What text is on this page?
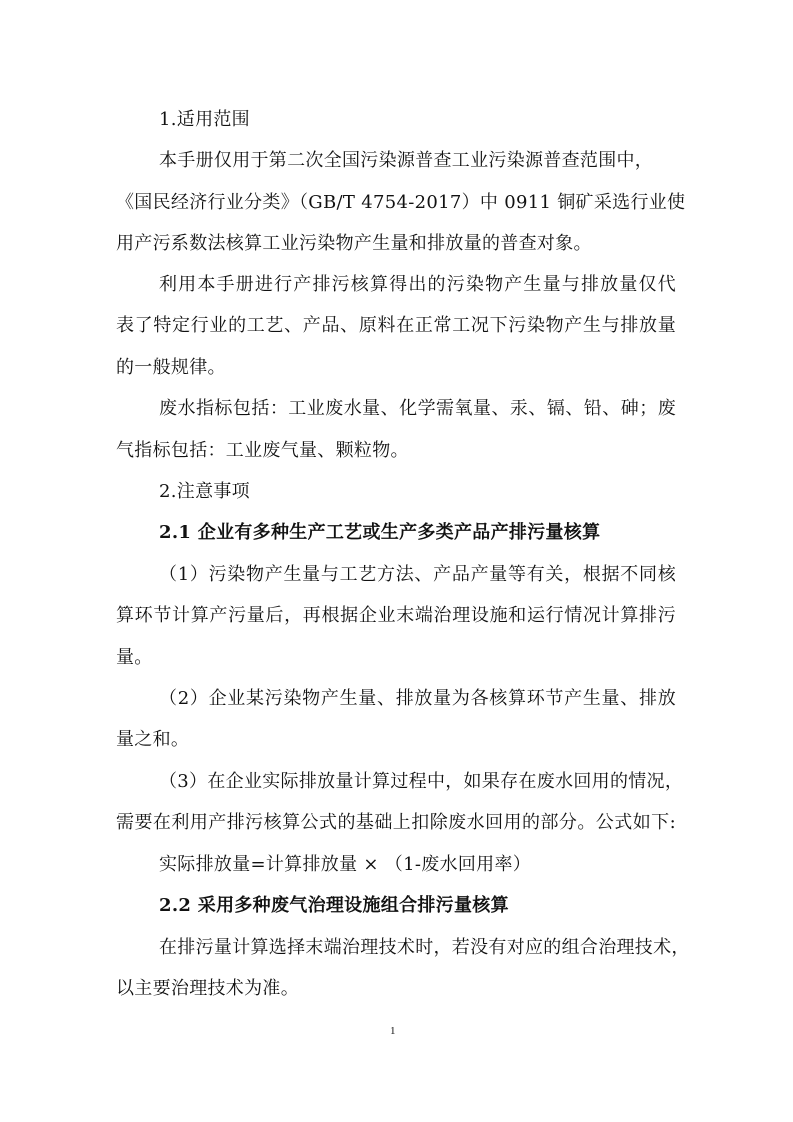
1.适用范围
本手册仅用于第二次全国污染源普查工业污染源普查范围中，
《国民经济行业分类》（GB/T 4754-2017）中 0911 铜矿采选行业使
用产污系数法核算工业污染物产生量和排放量的普查对象。
利用本手册进行产排污核算得出的污染物产生量与排放量仅代
表了特定行业的工艺、产品、原料在正常工况下污染物产生与排放量
的一般规律。
废水指标包括：工业废水量、化学需氧量、汞、镉、铅、砷；废
气指标包括：工业废气量、颗粒物。
2.注意事项
2.1 企业有多种生产工艺或生产多类产品产排污量核算
（1）污染物产生量与工艺方法、产品产量等有关，根据不同核
算环节计算产污量后，再根据企业末端治理设施和运行情况计算排污
量。
（2）企业某污染物产生量、排放量为各核算环节产生量、排放
量之和。
（3）在企业实际排放量计算过程中，如果存在废水回用的情况，
需要在利用产排污核算公式的基础上扣除废水回用的部分。公式如下:
实际排放量=计算排放量 × （1-废水回用率）
2.2 采用多种废气治理设施组合排污量核算
在排污量计算选择末端治理技术时，若没有对应的组合治理技术，
以主要治理技术为准。
1
